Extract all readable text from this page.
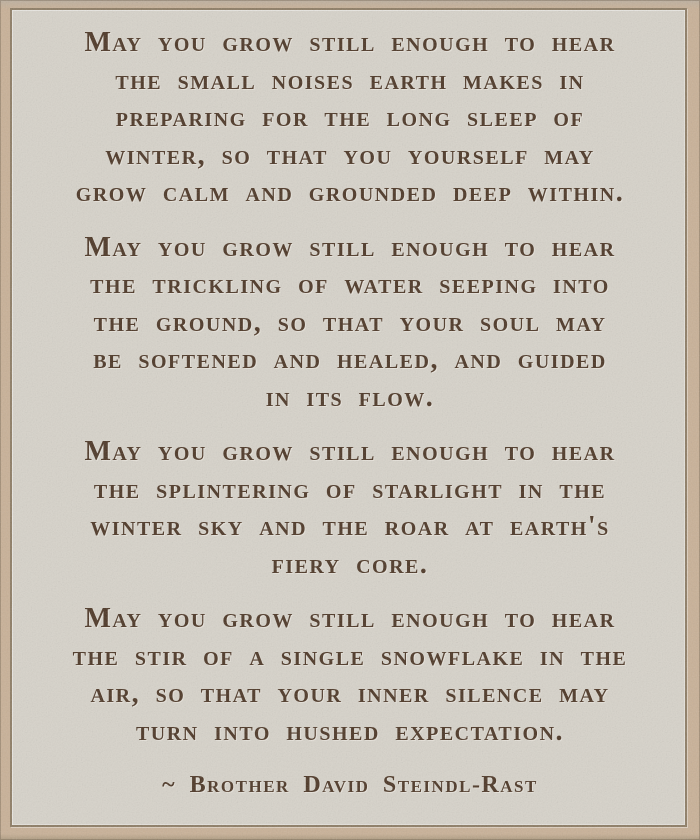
May you grow still enough to hear
the small noises earth makes in
preparing for the long sleep of
winter, so that you yourself may
grow calm and grounded deep within.
May you grow still enough to hear
the trickling of water seeping into
the ground, so that your soul may
be softened and healed, and guided
in its flow.
May you grow still enough to hear
the splintering of starlight in the
winter sky and the roar at earth's
fiery core.
May you grow still enough to hear
the stir of a single snowflake in the
air, so that your inner silence may
turn into hushed expectation.
~ Brother David Steindl-Rast
